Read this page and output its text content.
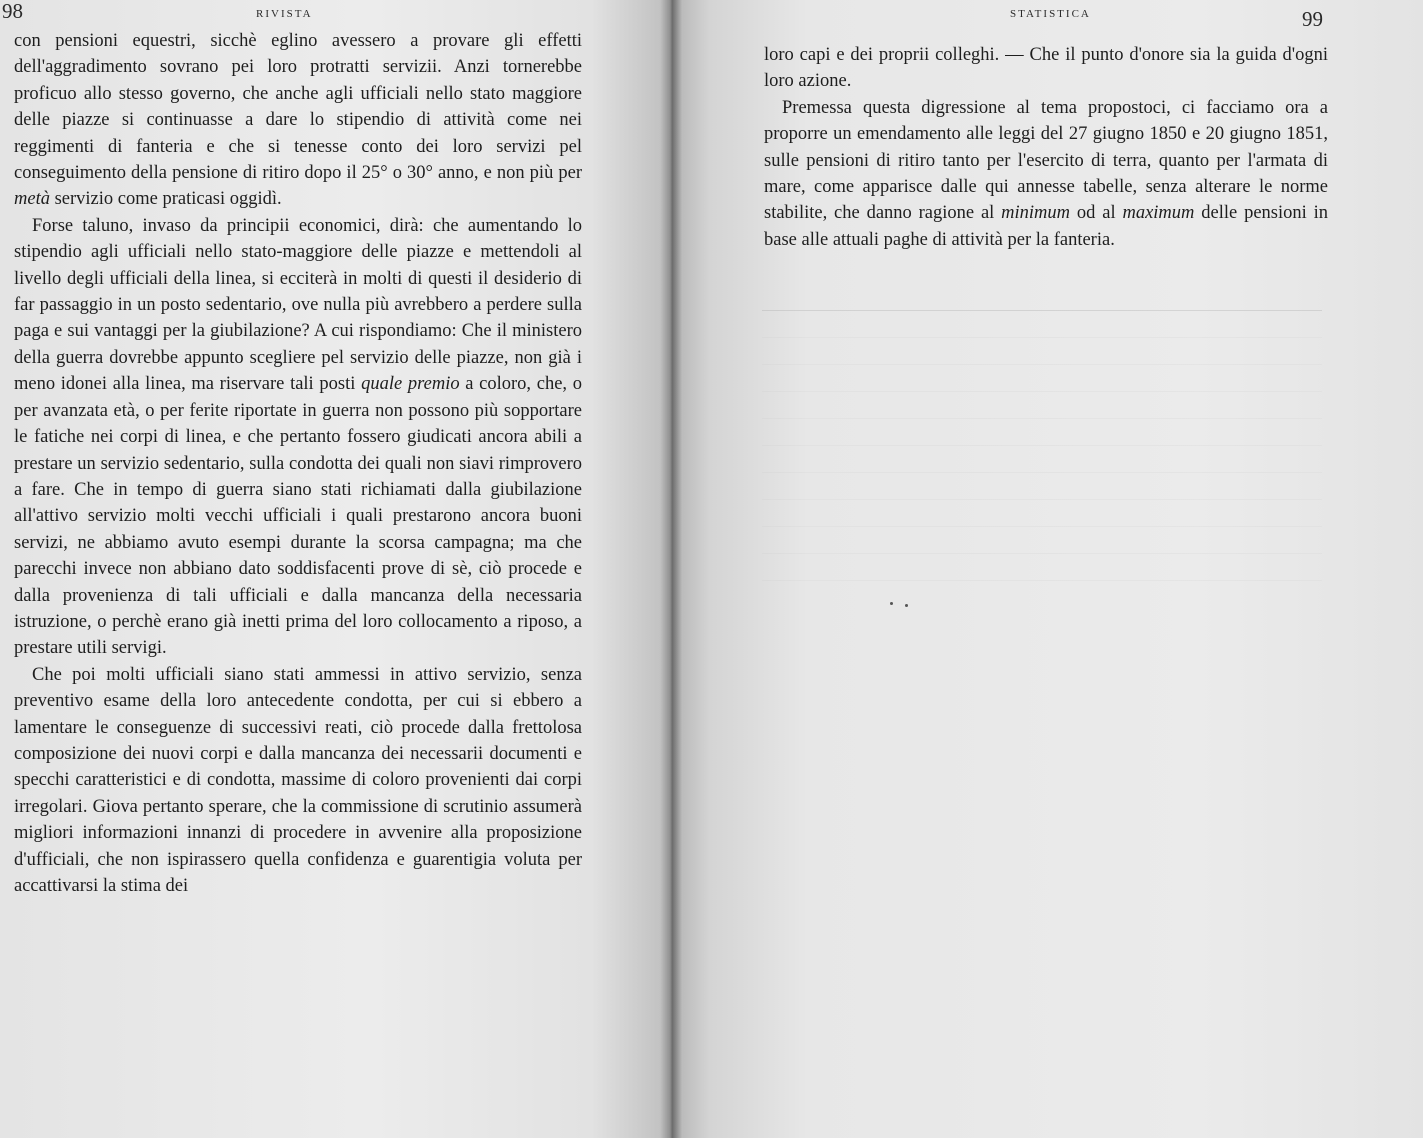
98	RIVISTA

con pensioni equestri, sicchè eglino avessero a provare gli effetti dell'aggradimento sovrano pei loro protratti servizii. Anzi tornerebbe proficuo allo stesso governo, che anche agli ufficiali nello stato maggiore delle piazze si continuasse a dare lo stipendio di attività come nei reggimenti di fanteria e che si tenesse conto dei loro servizi pel conseguimento della pensione di ritiro dopo il 25° o 30° anno, e non più per metà servizio come praticasi oggidì.

Forse taluno, invaso da principii economici, dirà: che aumentando lo stipendio agli ufficiali nello stato-maggiore delle piazze e mettendoli al livello degli ufficiali della linea, si ecciterà in molti di questi il desiderio di far passaggio in un posto sedentario, ove nulla più avrebbero a perdere sulla paga e sui vantaggi per la giubilazione? A cui rispondiamo: Che il ministero della guerra dovrebbe appunto scegliere pel servizio delle piazze, non già i meno idonei alla linea, ma riservare tali posti quale premio a coloro, che, o per avanzata età, o per ferite riportate in guerra non possono più sopportare le fatiche nei corpi di linea, e che pertanto fossero giudicati ancora abili a prestare un servizio sedentario, sulla condotta dei quali non siavi rimprovero a fare. Che in tempo di guerra siano stati richiamati dalla giubilazione all'attivo servizio molti vecchi ufficiali i quali prestarono ancora buoni servizi, ne abbiamo avuto esempi durante la scorsa campagna; ma che parecchi invece non abbiano dato soddisfacenti prove di sè, ciò procede e dalla provenienza di tali ufficiali e dalla mancanza della necessaria istruzione, o perchè erano già inetti prima del loro collocamento a riposo, a prestare utili servigi.

Che poi molti ufficiali siano stati ammessi in attivo servizio, senza preventivo esame della loro antecedente condotta, per cui si ebbero a lamentare le conseguenze di successivi reati, ciò procede dalla frettolosa composizione dei nuovi corpi e dalla mancanza dei necessarii documenti e specchi caratteristici e di condotta, massime di coloro provenienti dai corpi irregolari. Giova pertanto sperare, che la commissione di scrutinio assumerà migliori informazioni innanzi di procedere in avvenire alla proposizione d'ufficiali, che non ispirassero quella confidenza e guarentigia voluta per accattivarsi la stima dei

STATISTICA	99

loro capi e dei proprii colleghi. — Che il punto d'onore sia la guida d'ogni loro azione.

Premessa questa digressione al tema propostoci, ci facciamo ora a proporre un emendamento alle leggi del 27 giugno 1850 e 20 giugno 1851, sulle pensioni di ritiro tanto per l'esercito di terra, quanto per l'armata di mare, come apparisce dalle qui annesse tabelle, senza alterare le norme stabilite, che danno ragione al minimum od al maximum delle pensioni in base alle attuali paghe di attività per la fanteria.
